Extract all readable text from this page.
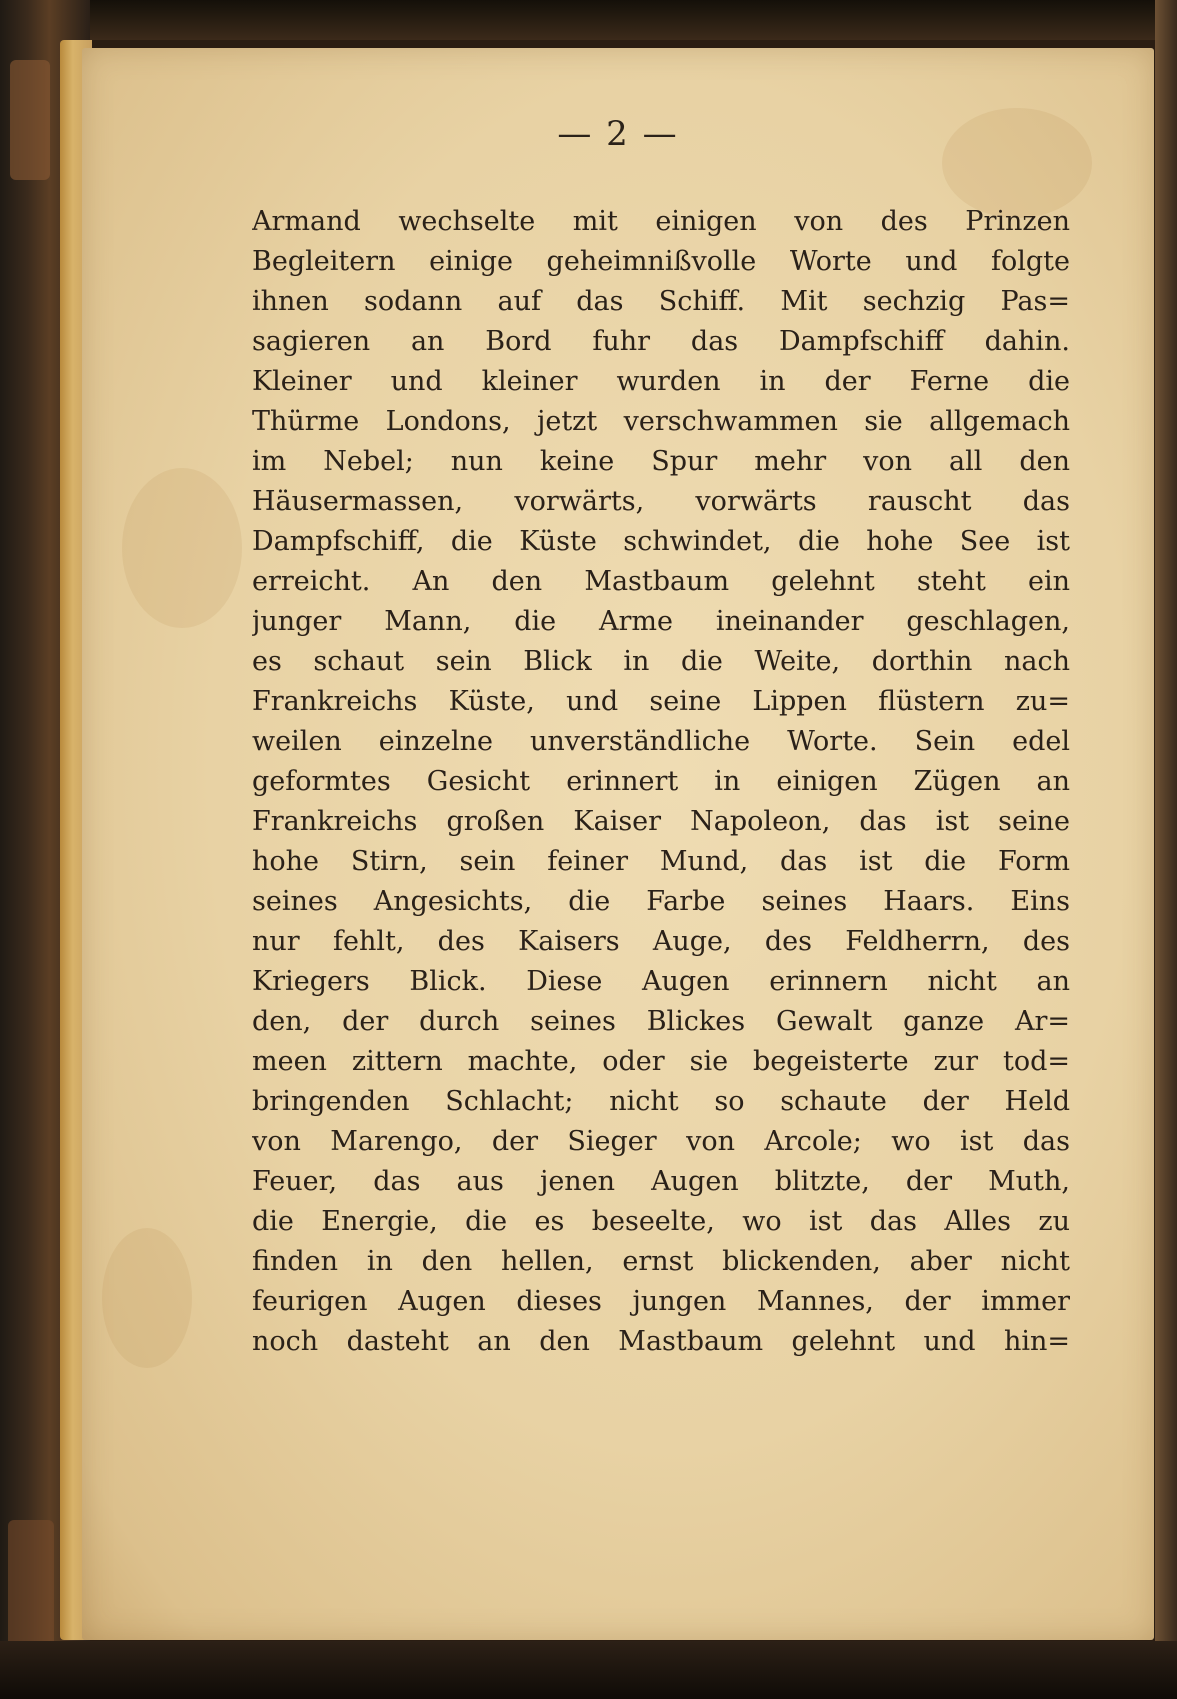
— 2 —
Armand wechselte mit einigen von des Prinzen
Begleitern einige geheimnißvolle Worte und folgte
ihnen sodann auf das Schiff. Mit sechzig Pas=
sagieren an Bord fuhr das Dampfschiff dahin.
Kleiner und kleiner wurden in der Ferne die
Thürme Londons, jetzt verschwammen sie allgemach
im Nebel; nun keine Spur mehr von all den
Häusermassen, vorwärts, vorwärts rauscht das
Dampfschiff, die Küste schwindet, die hohe See ist
erreicht. An den Mastbaum gelehnt steht ein
junger Mann, die Arme ineinander geschlagen,
es schaut sein Blick in die Weite, dorthin nach
Frankreichs Küste, und seine Lippen flüstern zu=
weilen einzelne unverständliche Worte. Sein edel
geformtes Gesicht erinnert in einigen Zügen an
Frankreichs großen Kaiser Napoleon, das ist seine
hohe Stirn, sein feiner Mund, das ist die Form
seines Angesichts, die Farbe seines Haars. Eins
nur fehlt, des Kaisers Auge, des Feldherrn, des
Kriegers Blick. Diese Augen erinnern nicht an
den, der durch seines Blickes Gewalt ganze Ar=
meen zittern machte, oder sie begeisterte zur tod=
bringenden Schlacht; nicht so schaute der Held
von Marengo, der Sieger von Arcole; wo ist das
Feuer, das aus jenen Augen blitzte, der Muth,
die Energie, die es beseelte, wo ist das Alles zu
finden in den hellen, ernst blickenden, aber nicht
feurigen Augen dieses jungen Mannes, der immer
noch dasteht an den Mastbaum gelehnt und hin=
